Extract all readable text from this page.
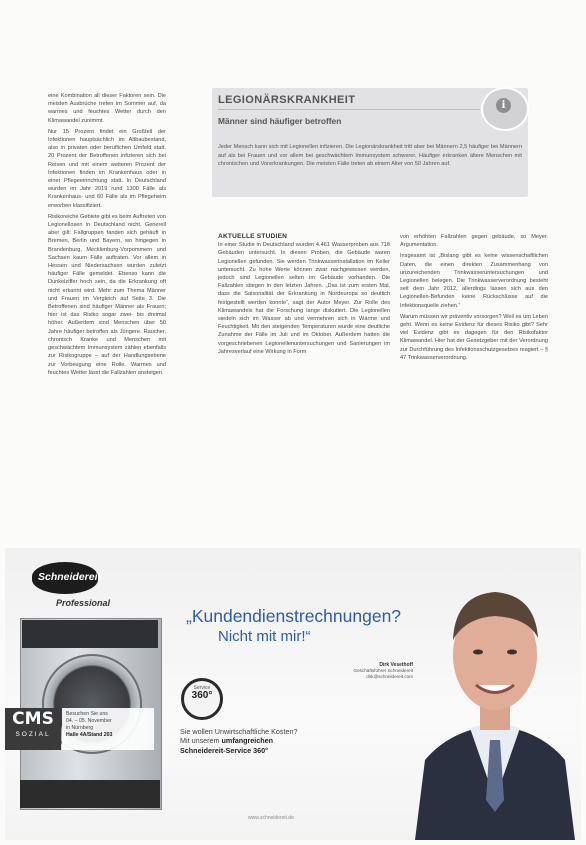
eine Kombination all dieser Faktoren sein. Die meisten Ausbrüche treten im Sommer auf, da warmes und feuchtes Wetter durch den Klimawandel zunimmt.

Nur 15 Prozent findet ein Großteil der Infektionen hauptsächlich im Altbaubestand, also in privaten oder beruflichen Umfeld statt. 20 Prozent der Betroffenen infizieren sich bei Reisen und mit einem weiteren Prozent der Infektionen finden im Krankenhaus oder in einer Pflegeeinrichtung statt. In Deutschland wurden im Jahr 2019 rund 1300 Fälle als Krankenhaus- und 60 Fälle als im Pflegeheim erworben klassifiziert.

Risikoreiche Gebiete gibt es beim Auftreten von Legionellosen in Deutschland nicht. Generell aber gilt: Fallgruppen fanden sich gehäuft in Bremen, Berlin und Bayern, wo hingegen in Brandenburg, Mecklenburg-Vorpommern und Sachsen kaum Fälle auftraten. Vor allem in Hessen und Niedersachsen wurden zuletzt häufiger Fälle gemeldet. Ebenso kann die Dunkelziffer hoch sein, da die Erkrankung oft nicht erkannt wird. Mehr zum Thema Männer und Frauen im Vergleich auf Seite 3. Die Betroffenen sind häufiger Männer als Frauen; hier ist das Risiko sogar zwei- bis dreimal höher. Außerdem sind Menschen über 50 Jahre häufiger betroffen als Jüngere. Raucher, chronisch Kranke und Menschen mit geschwächtem Immunsystem zählen ebenfalls zur Risikogruppe – auf der Handlungsebene zur Vorbeugung eine Rolle. Warmes und feuchtes Wetter lässt die Fallzahlen ansteigen.

LEGIONÄRSKRANKHEIT
Männer sind häufiger betroffen
Jeder Mensch kann sich mit Legionellen infizieren. Die Legionärskrankheit tritt aber bei Männern 2,5 häufiger bei Männern auf als bei Frauen und vor allem bei geschwächtem Immunsystem schwerer. Häufiger erkranken ältere Menschen mit chronischen und Vorerkrankungen. Die meisten Fälle treten ab einem Alter von 50 Jahren auf.
i
AKTUELLE STUDIEN

In einer Studie in Deutschland wurden 4.461 Wasserproben aus 718 Gebäuden untersucht. In diesen Proben, die Gebäude waren Legionellen gefunden. Sie werden Trinkwasserinstallation im Keller untersucht. Zu hohe Werte können zwar nachgewiesen werden, jedoch sind Legionellen selten im Gebäude vorhanden. Die Fallzahlen stiegen in den letzten Jahren. „Das ist zum ersten Mal, dass die Saisonalität der Erkrankung in Nordeuropa so deutlich festgestellt werden konnte“, sagt der Autor Meyer. Zur Rolle des Klimawandels hat die Forschung lange diskutiert. Die Legionellen siedeln sich im Wasser ab und vermehren sich in Wärme und Feuchtigkeit. Mit den steigenden Temperaturen wurde eine deutliche Zunahme der Fälle im Juli und im Oktober. Außerdem hatten die vorgeschriebenen Legionellenuntersuchungen und Sanierungen im Jahresverlauf eine Wirkung in Form

von erhöhten Fallzahlen gegen gebäude, so Meyer. Argumentation.

Insgesamt ist „Bislang gibt es keine wissenschaftlichen Daten, die einen direkten Zusammenhang von unzureichenden Trinkwasseruntersuchungen und Legionellen belegen. Die Trinkwasserverordnung besteht seit dem Jahr 2012, allerdings lassen sich aus den Legionellen-Befunden keine Rückschlüsse auf die Infektionsquelle ziehen.“

Warum müssen wir präventiv vorsorgen? Weil es um Leben geht. Wenn es keine Evidenz für dieses Risiko gibt? Sehr viel Evidenz gibt es dagegen für den Risikofaktor Klimawandel. Hier hat der Gesetzgeber mit der Verordnung zur Durchführung des Infektionsschutzgesetzes reagiert – § 47 Trinkwasserverordnung.

Schneidereit
Professional
CMS
SOZIAL
Besuchen Sie uns
04. – 05. November
in Nürnberg
Halle 4A/Stand 203
„Kundendienstrechnungen?
Nicht mit mir!“
Dirk Vesethoff
Geschäftsführer Schneidereit
dirk@schneidereit.com
Service
360°
Sie wollen Unwirtschaftliche Kosten?
Mit unserem umfangreichen
Schneidereit-Service 360°
www.schneidereit.de
